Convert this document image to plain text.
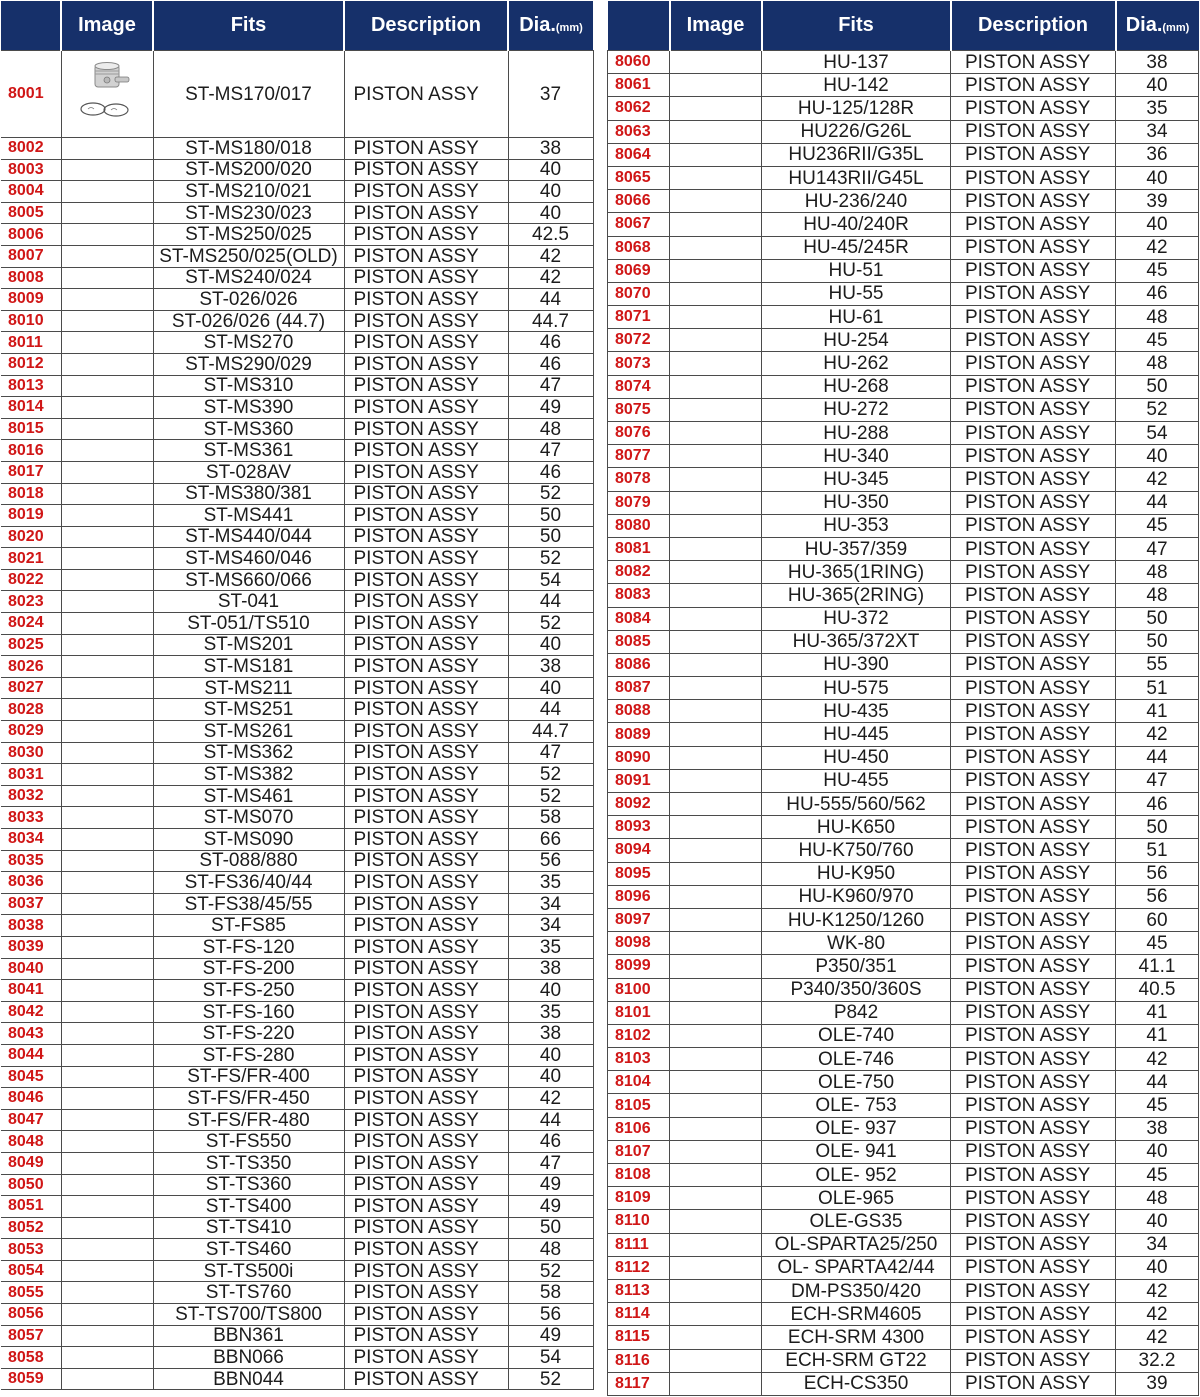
	Image	Fits	Description	Dia.(mm)
8001		ST-MS170/017	PISTON ASSY	37
8002		ST-MS180/018	PISTON ASSY	38
8003		ST-MS200/020	PISTON ASSY	40
8004		ST-MS210/021	PISTON ASSY	40
8005		ST-MS230/023	PISTON ASSY	40
8006		ST-MS250/025	PISTON ASSY	42.5
8007		ST-MS250/025(OLD)	PISTON ASSY	42
8008		ST-MS240/024	PISTON ASSY	42
8009		ST-026/026	PISTON ASSY	44
8010		ST-026/026 (44.7)	PISTON ASSY	44.7
8011		ST-MS270	PISTON ASSY	46
8012		ST-MS290/029	PISTON ASSY	46
8013		ST-MS310	PISTON ASSY	47
8014		ST-MS390	PISTON ASSY	49
8015		ST-MS360	PISTON ASSY	48
8016		ST-MS361	PISTON ASSY	47
8017		ST-028AV	PISTON ASSY	46
8018		ST-MS380/381	PISTON ASSY	52
8019		ST-MS441	PISTON ASSY	50
8020		ST-MS440/044	PISTON ASSY	50
8021		ST-MS460/046	PISTON ASSY	52
8022		ST-MS660/066	PISTON ASSY	54
8023		ST-041	PISTON ASSY	44
8024		ST-051/TS510	PISTON ASSY	52
8025		ST-MS201	PISTON ASSY	40
8026		ST-MS181	PISTON ASSY	38
8027		ST-MS211	PISTON ASSY	40
8028		ST-MS251	PISTON ASSY	44
8029		ST-MS261	PISTON ASSY	44.7
8030		ST-MS362	PISTON ASSY	47
8031		ST-MS382	PISTON ASSY	52
8032		ST-MS461	PISTON ASSY	52
8033		ST-MS070	PISTON ASSY	58
8034		ST-MS090	PISTON ASSY	66
8035		ST-088/880	PISTON ASSY	56
8036		ST-FS36/40/44	PISTON ASSY	35
8037		ST-FS38/45/55	PISTON ASSY	34
8038		ST-FS85	PISTON ASSY	34
8039		ST-FS-120	PISTON ASSY	35
8040		ST-FS-200	PISTON ASSY	38
8041		ST-FS-250	PISTON ASSY	40
8042		ST-FS-160	PISTON ASSY	35
8043		ST-FS-220	PISTON ASSY	38
8044		ST-FS-280	PISTON ASSY	40
8045		ST-FS/FR-400	PISTON ASSY	40
8046		ST-FS/FR-450	PISTON ASSY	42
8047		ST-FS/FR-480	PISTON ASSY	44
8048		ST-FS550	PISTON ASSY	46
8049		ST-TS350	PISTON ASSY	47
8050		ST-TS360	PISTON ASSY	49
8051		ST-TS400	PISTON ASSY	49
8052		ST-TS410	PISTON ASSY	50
8053		ST-TS460	PISTON ASSY	48
8054		ST-TS500i	PISTON ASSY	52
8055		ST-TS760	PISTON ASSY	58
8056		ST-TS700/TS800	PISTON ASSY	56
8057		BBN361	PISTON ASSY	49
8058		BBN066	PISTON ASSY	54
8059		BBN044	PISTON ASSY	52
	Image	Fits	Description	Dia.(mm)
8060		HU-137	PISTON ASSY	38
8061		HU-142	PISTON ASSY	40
8062		HU-125/128R	PISTON ASSY	35
8063		HU226/G26L	PISTON ASSY	34
8064		HU236RII/G35L	PISTON ASSY	36
8065		HU143RII/G45L	PISTON ASSY	40
8066		HU-236/240	PISTON ASSY	39
8067		HU-40/240R	PISTON ASSY	40
8068		HU-45/245R	PISTON ASSY	42
8069		HU-51	PISTON ASSY	45
8070		HU-55	PISTON ASSY	46
8071		HU-61	PISTON ASSY	48
8072		HU-254	PISTON ASSY	45
8073		HU-262	PISTON ASSY	48
8074		HU-268	PISTON ASSY	50
8075		HU-272	PISTON ASSY	52
8076		HU-288	PISTON ASSY	54
8077		HU-340	PISTON ASSY	40
8078		HU-345	PISTON ASSY	42
8079		HU-350	PISTON ASSY	44
8080		HU-353	PISTON ASSY	45
8081		HU-357/359	PISTON ASSY	47
8082		HU-365(1RING)	PISTON ASSY	48
8083		HU-365(2RING)	PISTON ASSY	48
8084		HU-372	PISTON ASSY	50
8085		HU-365/372XT	PISTON ASSY	50
8086		HU-390	PISTON ASSY	55
8087		HU-575	PISTON ASSY	51
8088		HU-435	PISTON ASSY	41
8089		HU-445	PISTON ASSY	42
8090		HU-450	PISTON ASSY	44
8091		HU-455	PISTON ASSY	47
8092		HU-555/560/562	PISTON ASSY	46
8093		HU-K650	PISTON ASSY	50
8094		HU-K750/760	PISTON ASSY	51
8095		HU-K950	PISTON ASSY	56
8096		HU-K960/970	PISTON ASSY	56
8097		HU-K1250/1260	PISTON ASSY	60
8098		WK-80	PISTON ASSY	45
8099		P350/351	PISTON ASSY	41.1
8100		P340/350/360S	PISTON ASSY	40.5
8101		P842	PISTON ASSY	41
8102		OLE-740	PISTON ASSY	41
8103		OLE-746	PISTON ASSY	42
8104		OLE-750	PISTON ASSY	44
8105		OLE- 753	PISTON ASSY	45
8106		OLE- 937	PISTON ASSY	38
8107		OLE- 941	PISTON ASSY	40
8108		OLE- 952	PISTON ASSY	45
8109		OLE-965	PISTON ASSY	48
8110		OLE-GS35	PISTON ASSY	40
8111		OL-SPARTA25/250	PISTON ASSY	34
8112		OL- SPARTA42/44	PISTON ASSY	40
8113		DM-PS350/420	PISTON ASSY	42
8114		ECH-SRM4605	PISTON ASSY	42
8115		ECH-SRM 4300	PISTON ASSY	42
8116		ECH-SRM GT22	PISTON ASSY	32.2
8117		ECH-CS350	PISTON ASSY	39
